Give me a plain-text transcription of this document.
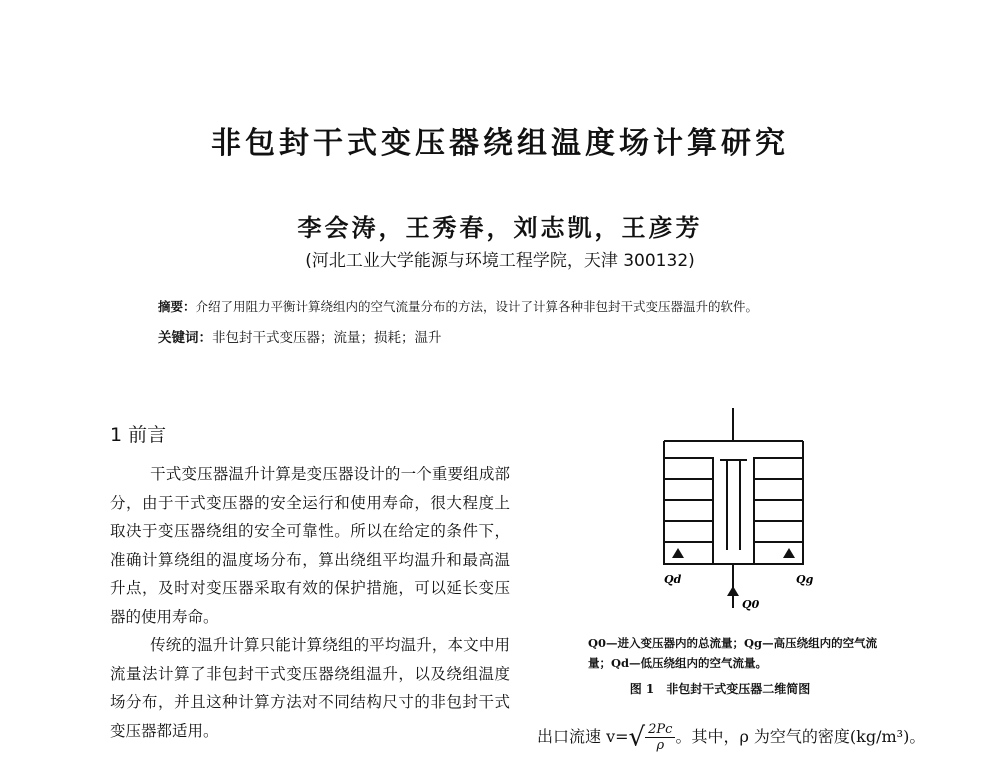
非包封干式变压器绕组温度场计算研究
李会涛，王秀春，刘志凯，王彦芳
(河北工业大学能源与环境工程学院，天津 300132)
摘要：介绍了用阻力平衡计算绕组内的空气流量分布的方法，设计了计算各种非包封干式变压器温升的软件。
关键词：非包封干式变压器；流量；损耗；温升
1 前言
干式变压器温升计算是变压器设计的一个重要组成部分，由于干式变压器的安全运行和使用寿命，很大程度上取决于变压器绕组的安全可靠性。所以在给定的条件下，准确计算绕组的温度场分布，算出绕组平均温升和最高温升点，及时对变压器采取有效的保护措施，可以延长变压器的使用寿命。
传统的温升计算只能计算绕组的平均温升，本文中用流量法计算了非包封干式变压器绕组温升，以及绕组温度场分布，并且这种计算方法对不同结构尺寸的非包封干式变压器都适用。
Qd	Qg
Q0
Q0—进入变压器内的总流量；Qg—高压绕组内的空气流量；Qd—低压绕组内的空气流量。
图 1　非包封干式变压器二维简图
出口流速 $v=√ \frac{2Pc}{\rho}$ 。其中，ρ 为空气的密度(kg/m³)。
